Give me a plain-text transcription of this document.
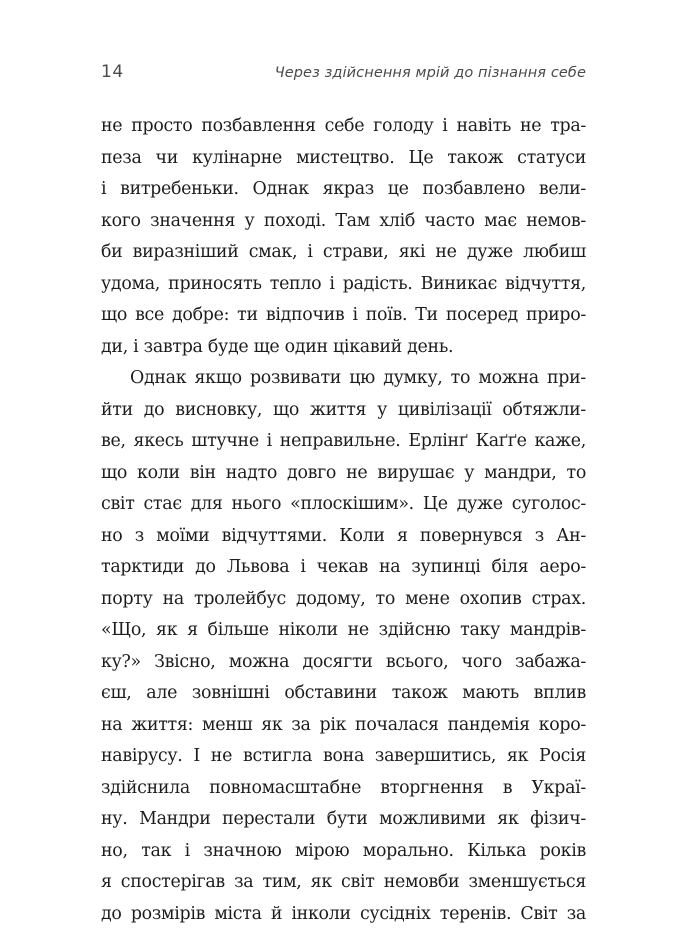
14	Через здійснення мрій до пізнання себе
не просто позбавлення себе голоду і навіть не тра-
пеза чи кулінарне мистецтво. Це також статуси
і витребеньки. Однак якраз це позбавлено вели-
кого значення у поході. Там хліб часто має немов-
би виразніший смак, і страви, які не дуже любиш
удома, приносять тепло і радість. Виникає відчуття,
що все добре: ти відпочив і поїв. Ти посеред приро-
ди, і завтра буде ще один цікавий день.
Однак якщо розвивати цю думку, то можна при-
йти до висновку, що життя у цивілізації обтяжли-
ве, якесь штучне і неправильне. Ерлінґ Каґґе каже,
що коли він надто довго не вирушає у мандри, то
світ стає для нього «плоскішим». Це дуже суголос-
но з моїми відчуттями. Коли я повернувся з Ан-
тарктиди до Львова і чекав на зупинці біля аеро-
порту на тролейбус додому, то мене охопив страх.
«Що, як я більше ніколи не здійсню таку мандрів-
ку?» Звісно, можна досягти всього, чого забажа-
єш, але зовнішні обставини також мають вплив
на життя: менш як за рік почалася пандемія коро-
навірусу. І не встигла вона завершитись, як Росія
здійснила повномасштабне вторгнення в Украї-
ну. Мандри перестали бути можливими як фізич-
но, так і значною мірою морально. Кілька років
я спостерігав за тим, як світ немовби зменшується
до розмірів міста й інколи сусідніх теренів. Світ за
